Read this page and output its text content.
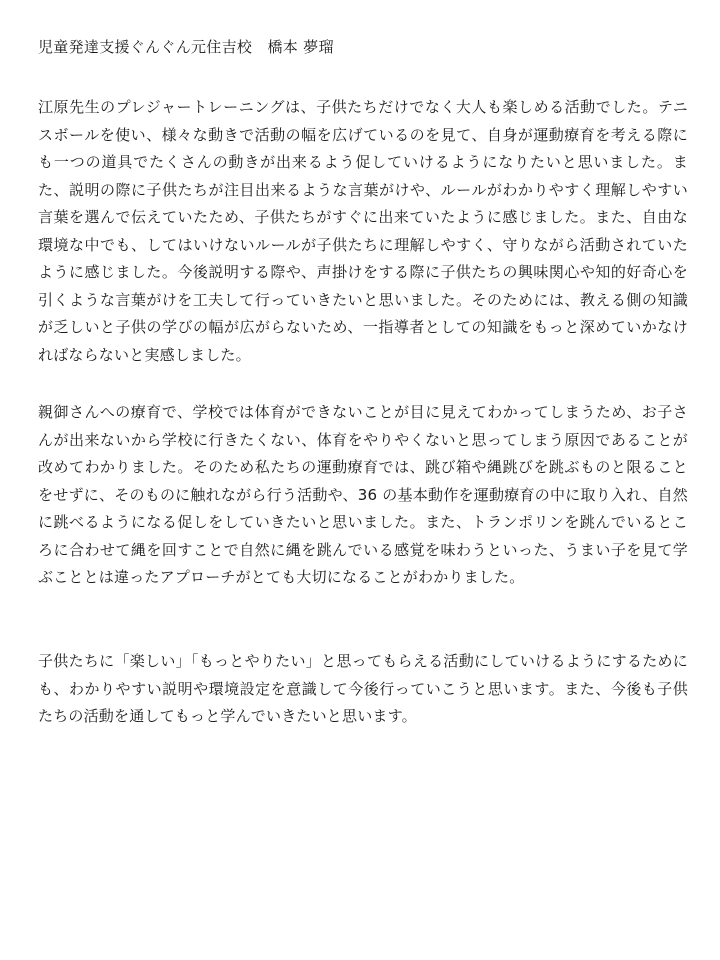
児童発達支援ぐんぐん元住吉校　橋本 夢瑠

江原先生のプレジャートレーニングは、子供たちだけでなく大人も楽しめる活動でした。テニスボールを使い、様々な動きで活動の幅を広げているのを見て、自身が運動療育を考える際にも一つの道具でたくさんの動きが出来るよう促していけるようになりたいと思いました。また、説明の際に子供たちが注目出来るような言葉がけや、ルールがわかりやすく理解しやすい言葉を選んで伝えていたため、子供たちがすぐに出来ていたように感じました。また、自由な環境な中でも、してはいけないルールが子供たちに理解しやすく、守りながら活動されていたように感じました。今後説明する際や、声掛けをする際に子供たちの興味関心や知的好奇心を引くような言葉がけを工夫して行っていきたいと思いました。そのためには、教える側の知識が乏しいと子供の学びの幅が広がらないため、一指導者としての知識をもっと深めていかなければならないと実感しました。

親御さんへの療育で、学校では体育ができないことが目に見えてわかってしまうため、お子さんが出来ないから学校に行きたくない、体育をやりやくないと思ってしまう原因であることが改めてわかりました。そのため私たちの運動療育では、跳び箱や縄跳びを跳ぶものと限ることをせずに、そのものに触れながら行う活動や、36 の基本動作を運動療育の中に取り入れ、自然に跳べるようになる促しをしていきたいと思いました。また、トランポリンを跳んでいるところに合わせて縄を回すことで自然に縄を跳んでいる感覚を味わうといった、うまい子を見て学ぶこととは違ったアプローチがとても大切になることがわかりました。

子供たちに「楽しい」「もっとやりたい」と思ってもらえる活動にしていけるようにするためにも、わかりやすい説明や環境設定を意識して今後行っていこうと思います。また、今後も子供たちの活動を通してもっと学んでいきたいと思います。
